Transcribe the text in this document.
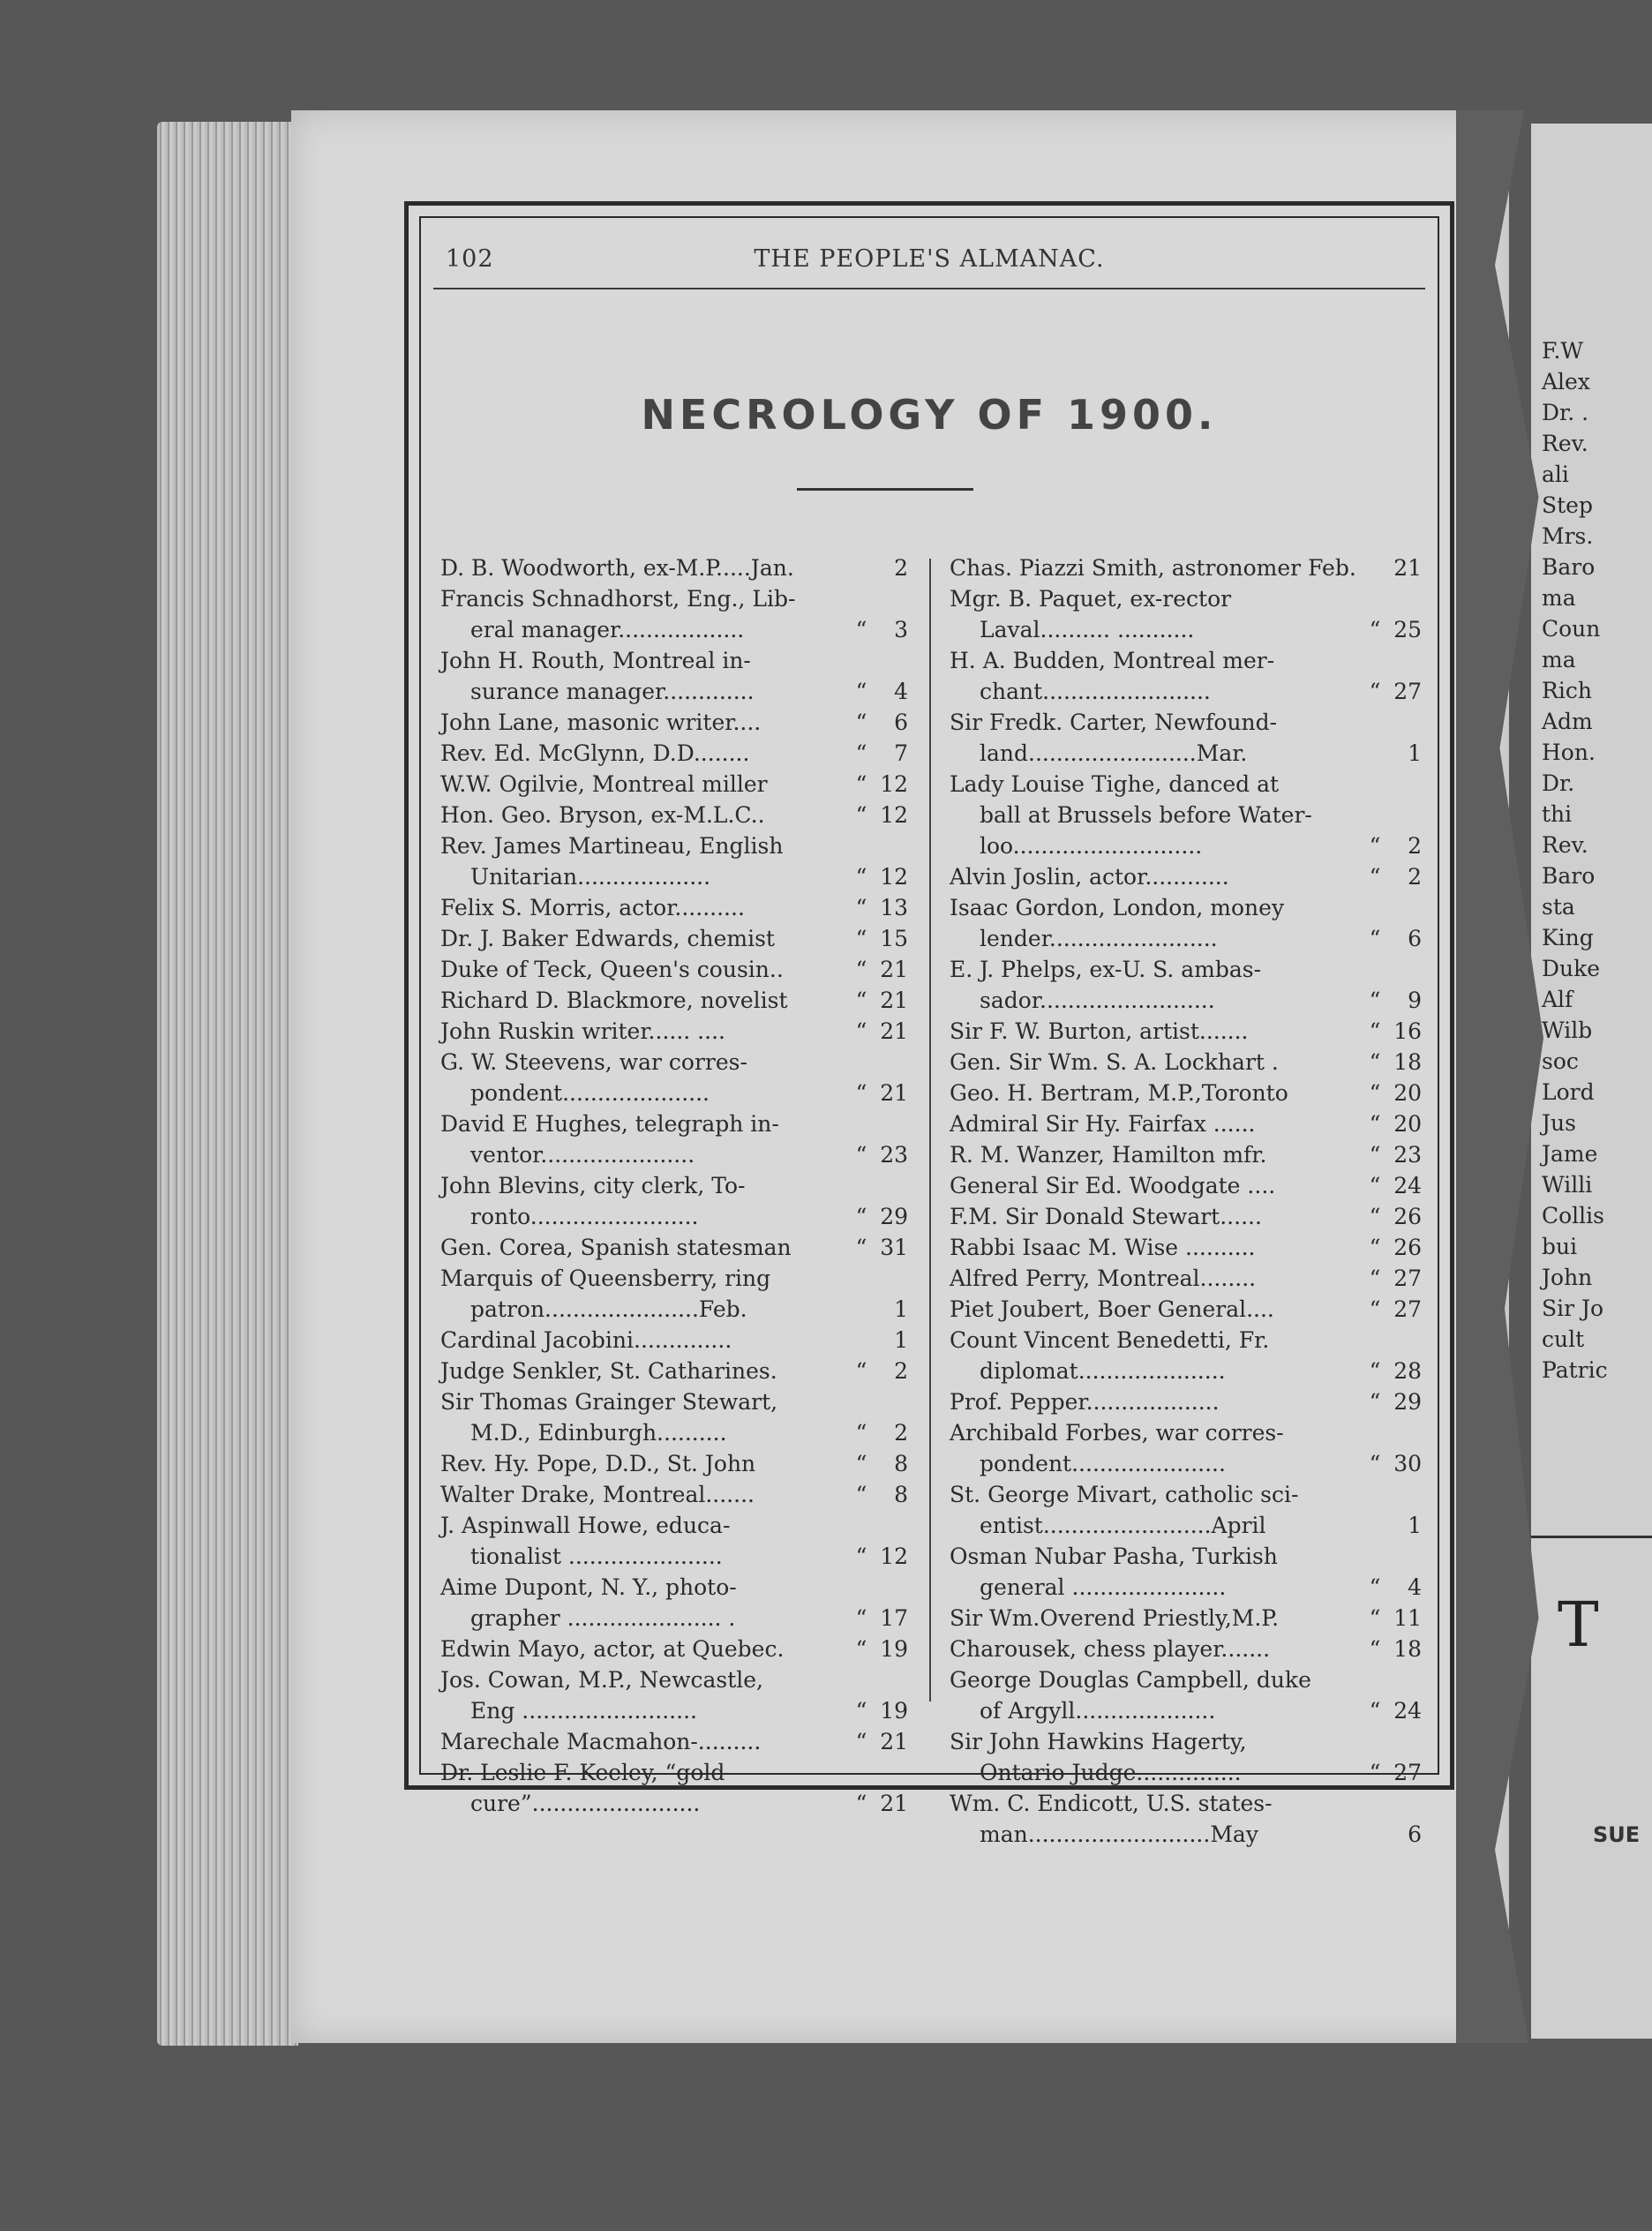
F.W
Alex
Dr. .
Rev.
ali
Step
Mrs.
Baro
ma
Coun
ma
Rich
Adm
Hon.
Dr.
thi
Rev.
Baro
sta
King
Duke
Alf
Wilb
soc
Lord
Jus
Jame
Willi
Collis
bui
John
Sir Jo
cult
Patric
T
SUE
102	THE PEOPLE'S ALMANAC.
NECROLOGY OF 1900.
D. B. Woodworth, ex-M.P.....Jan.	2
Francis Schnadhorst, Eng., Lib-
eral manager..................	“	3
John H. Routh, Montreal in-
surance manager.............	“	4
John Lane, masonic writer....	“	6
Rev. Ed. McGlynn, D.D........	“	7
W.W. Ogilvie, Montreal miller	“ 12
Hon. Geo. Bryson, ex-M.L.C..	“ 12
Rev. James Martineau, English
Unitarian...................	“ 12
Felix S. Morris, actor..........	“ 13
Dr. J. Baker Edwards, chemist	“ 15
Duke of Teck, Queen's cousin..	“ 21
Richard D. Blackmore, novelist	“ 21
John Ruskin writer...... ....	“ 21
G. W. Steevens, war corres-
pondent.....................	“ 21
David E Hughes, telegraph in-
ventor......................	“ 23
John Blevins, city clerk, To-
ronto........................	“ 29
Gen. Corea, Spanish statesman	“ 31
Marquis of Queensberry, ring
patron......................Feb.	1
Cardinal Jacobini..............	1
Judge Senkler, St. Catharines.	“	2
Sir Thomas Grainger Stewart,
M.D., Edinburgh..........	“	2
Rev. Hy. Pope, D.D., St. John	“	8
Walter Drake, Montreal.......	“	8
J. Aspinwall Howe, educa-
tionalist ......................	“ 12
Aime Dupont, N. Y., photo-
grapher ...................... .	“ 17
Edwin Mayo, actor, at Quebec.	“ 19
Jos. Cowan, M.P., Newcastle,
Eng .........................	“ 19
Marechale Macmahon-.........	“ 21
Dr. Leslie F. Keeley, “gold
cure”........................	“ 21
Chas. Piazzi Smith, astronomer Feb. 21
Mgr. B. Paquet, ex-rector
Laval.......... ...........	“ 25
H. A. Budden, Montreal mer-
chant........................	“ 27
Sir Fredk. Carter, Newfound-
land........................Mar.	1
Lady Louise Tighe, danced at
ball at Brussels before Water-
loo...........................	“	2
Alvin Joslin, actor............	“	2
Isaac Gordon, London, money
lender........................	“	6
E. J. Phelps, ex-U. S. ambas-
sador.........................	“	9
Sir F. W. Burton, artist.......	“ 16
Gen. Sir Wm. S. A. Lockhart .	“ 18
Geo. H. Bertram, M.P.,Toronto	“ 20
Admiral Sir Hy. Fairfax ......	“ 20
R. M. Wanzer, Hamilton mfr.	“ 23
General Sir Ed. Woodgate ....	“ 24
F.M. Sir Donald Stewart......	“ 26
Rabbi Isaac M. Wise ..........	“ 26
Alfred Perry, Montreal........	“ 27
Piet Joubert, Boer General....	“ 27
Count Vincent Benedetti, Fr.
diplomat.....................	“ 28
Prof. Pepper...................	“ 29
Archibald Forbes, war corres-
pondent......................	“ 30
St. George Mivart, catholic sci-
entist........................April	1
Osman Nubar Pasha, Turkish
general ......................	“	4
Sir Wm.Overend Priestly,M.P.	“ 11
Charousek, chess player.......	“ 18
George Douglas Campbell, duke
of Argyll....................	“ 24
Sir John Hawkins Hagerty,
Ontario Judge...............	“ 27
Wm. C. Endicott, U.S. states-
man..........................May	6
